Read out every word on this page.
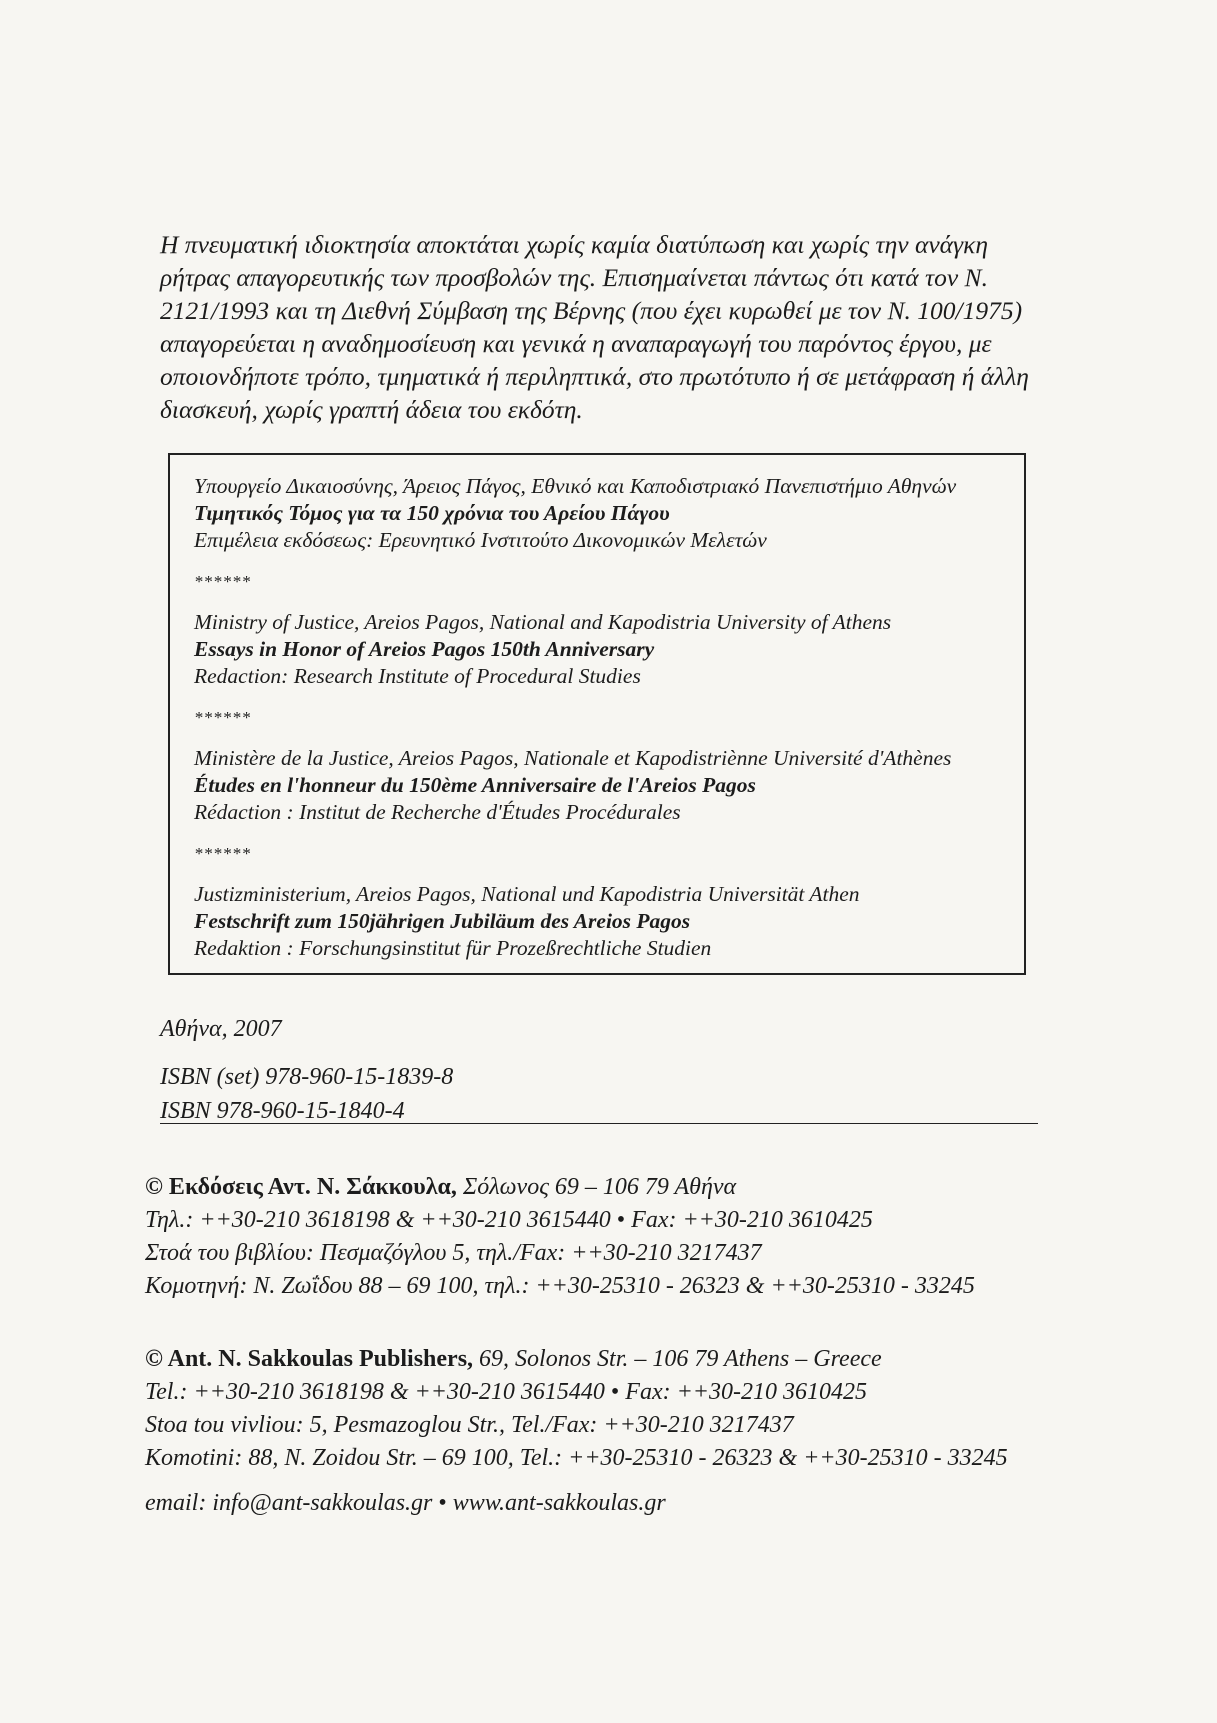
Η πνευματική ιδιοκτησία αποκτάται χωρίς καμία διατύπωση και χωρίς την ανάγκη
ρήτρας απαγορευτικής των προσβολών της. Επισημαίνεται πάντως ότι κατά τον Ν.
2121/1993 και τη Διεθνή Σύμβαση της Βέρνης (που έχει κυρωθεί με τον Ν. 100/1975)
απαγορεύεται η αναδημοσίευση και γενικά η αναπαραγωγή του παρόντος έργου, με
οποιονδήποτε τρόπο, τμηματικά ή περιληπτικά, στο πρωτότυπο ή σε μετάφραση ή άλλη
διασκευή, χωρίς γραπτή άδεια του εκδότη.
Υπουργείο Δικαιοσύνης, Άρειος Πάγος, Εθνικό και Καποδιστριακό Πανεπιστήμιο Αθηνών
Τιμητικός Τόμος για τα 150 χρόνια του Αρείου Πάγου
Επιμέλεια εκδόσεως: Ερευνητικό Ινστιτούτο Δικονομικών Μελετών
******
Ministry of Justice, Areios Pagos, National and Kapodistria University of Athens
Essays in Honor of Areios Pagos 150th Anniversary
Redaction: Research Institute of Procedural Studies
******
Ministère de la Justice, Areios Pagos, Nationale et Kapodistriènne Université d'Athènes
Études en l'honneur du 150ème Anniversaire de l'Areios Pagos
Rédaction : Institut de Recherche d'Études Procédurales
******
Justizministerium, Areios Pagos, National und Kapodistria Universität Athen
Festschrift zum 150jährigen Jubiläum des Areios Pagos
Redaktion : Forschungsinstitut für Prozeßrechtliche Studien
Αθήνα, 2007
ISBN (set) 978-960-15-1839-8
ISBN 978-960-15-1840-4
© Εκδόσεις Αντ. Ν. Σάκκουλα, Σόλωνος 69 – 106 79 Αθήνα
Τηλ.: ++30-210 3618198 & ++30-210 3615440 • Fax: ++30-210 3610425
Στοά του βιβλίου: Πεσμαζόγλου 5, τηλ./Fax: ++30-210 3217437
Κομοτηνή: Ν. Ζωΐδου 88 – 69 100, τηλ.: ++30-25310 - 26323 & ++30-25310 - 33245
© Ant. N. Sakkoulas Publishers, 69, Solonos Str. – 106 79 Athens – Greece
Tel.: ++30-210 3618198 & ++30-210 3615440 • Fax: ++30-210 3610425
Stoa tou vivliou: 5, Pesmazoglou Str., Tel./Fax: ++30-210 3217437
Komotini: 88, N. Zoidou Str. – 69 100, Tel.: ++30-25310 - 26323 & ++30-25310 - 33245
email: info@ant-sakkoulas.gr • www.ant-sakkoulas.gr
